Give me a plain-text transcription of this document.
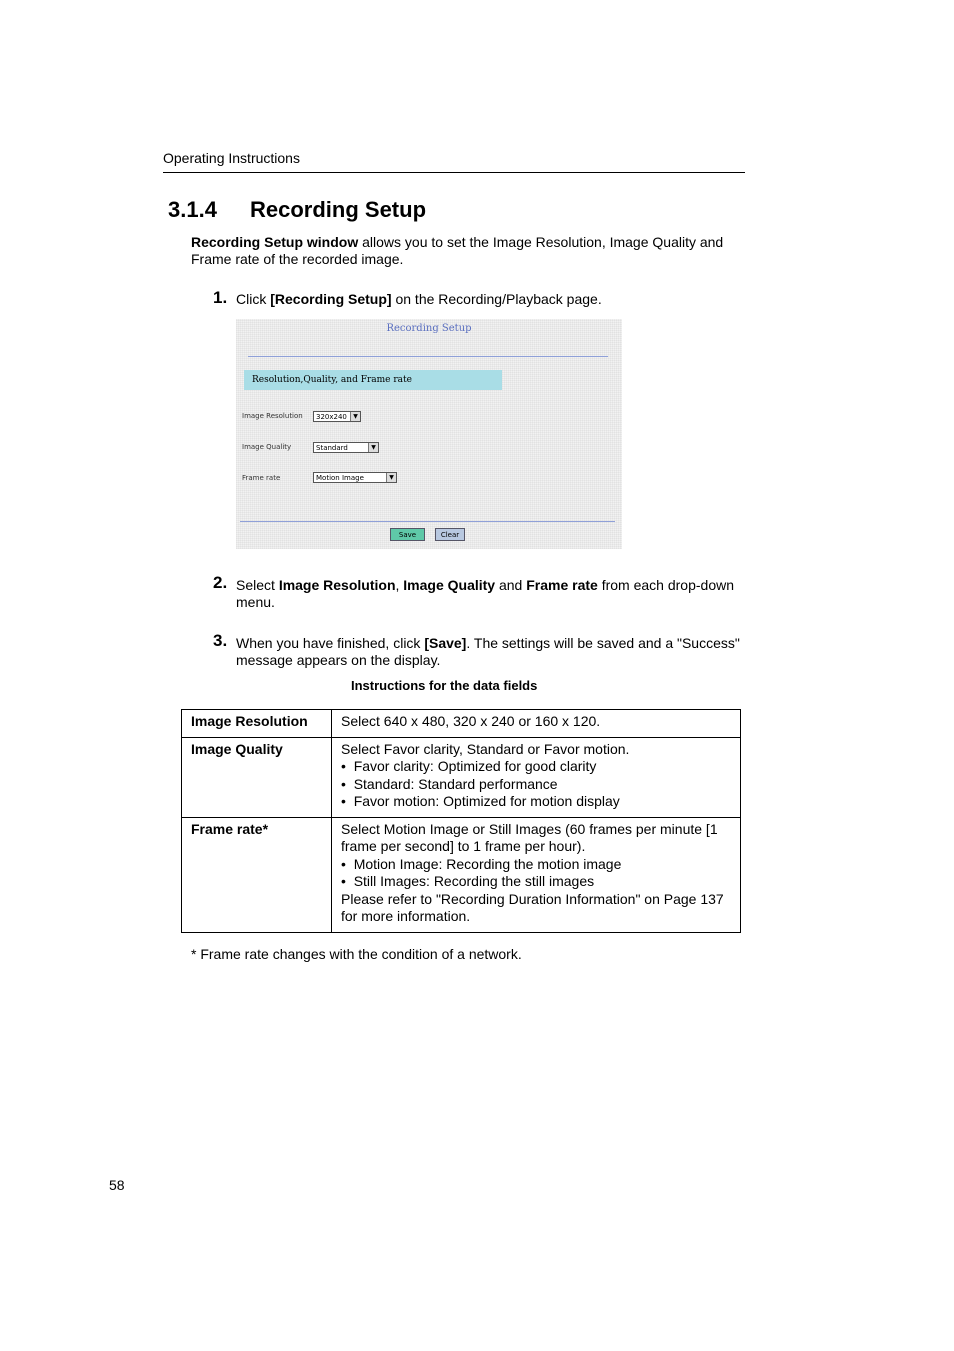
Operating Instructions
3.1.4 Recording Setup
Recording Setup window allows you to set the Image Resolution, Image Quality and Frame rate of the recorded image.
1. Click [Recording Setup] on the Recording/Playback page.
Recording Setup
Resolution,Quality, and Frame rate
Image Resolution	320x240	▼
Image Quality	Standard	▼
Frame rate	Motion Image	▼
Save	Clear
2. Select Image Resolution, Image Quality and Frame rate from each drop-down menu.
3. When you have finished, click [Save]. The settings will be saved and a "Success" message appears on the display.
Instructions for the data fields
Image Resolution	Select 640 x 480, 320 x 240 or 160 x 120.
Image Quality	Select Favor clarity, Standard or Favor motion.
•  Favor clarity: Optimized for good clarity
•  Standard: Standard performance
•  Favor motion: Optimized for motion display

Frame rate*	Select Motion Image or Still Images (60 frames per minute [1 frame per second] to 1 frame per hour).
•  Motion Image: Recording the motion image
•  Still Images: Recording the still images
Please refer to "Recording Duration Information" on Page 137 for more information.
* Frame rate changes with the condition of a network.
58
